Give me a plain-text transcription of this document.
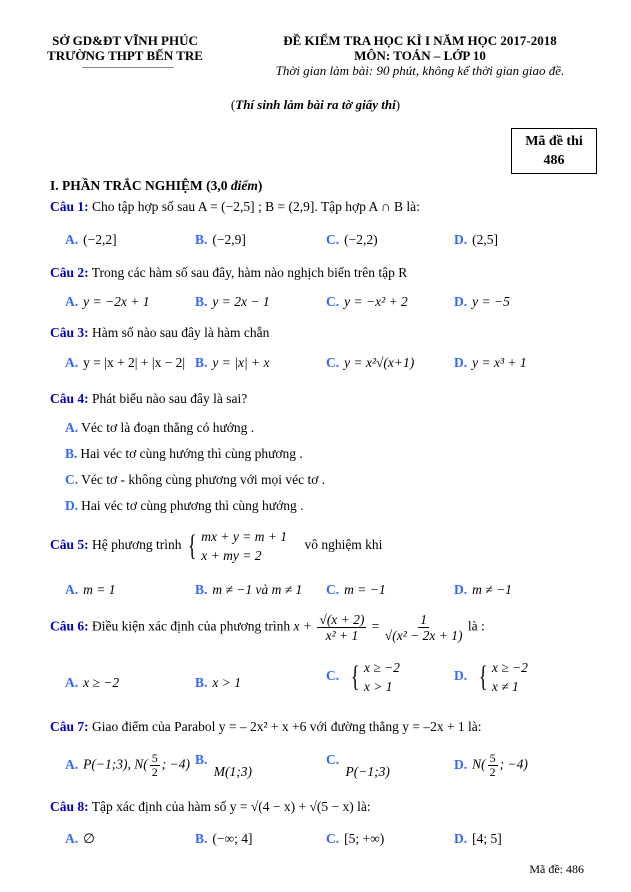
SỞ GD&ĐT VĨNH PHÚC
TRƯỜNG THPT BẾN TRE
ĐỀ KIỂM TRA HỌC KÌ I NĂM HỌC 2017-2018
MÔN: TOÁN – LỚP 10
Thời gian làm bài: 90 phút, không kể thời gian giao đề.
(Thí sinh làm bài ra tờ giấy thi)
Mã đề thi
486
I. PHẦN TRẮC NGHIỆM (3,0 điểm)
Câu 1: Cho tập hợp số sau A = (−2,5] ; B = (2,9]. Tập hợp A ∩ B là:
A. (−2,2]	B. (−2,9]	C. (−2,2)	D. (2,5]
Câu 2: Trong các hàm số sau đây, hàm nào nghịch biến trên tập R
A. y = −2x + 1	B. y = 2x − 1	C. y = −x² + 2	D. y = −5
Câu 3: Hàm số nào sau đây là hàm chẵn
A. y = |x + 2| + |x − 2| B. y = |x| + x	C. y = x²√(x+1)	D. y = x³ + 1
Câu 4: Phát biểu nào sau đây là sai?
A. Véc tơ là đoạn thẳng có hướng .
B. Hai véc tơ cùng hướng thì cùng phương .
C. Véc tơ - không cùng phương với mọi véc tơ .
D. Hai véc tơ cùng phương thì cùng hướng .
Câu 5: Hệ phương trình { mx + y = m + 1
x + my = 2
vô nghiệm khi
A. m = 1	B. m ≠ −1 và m ≠ 1 C. m = −1	D. m ≠ −1
Câu 6: Điều kiện xác định của phương trình $x + \frac{√(x + 2)}{\text{x² + 1}} = \frac{1}{\text{√(x² − 2x + 1)}}$ là :
A. x ≥ −2	B. x > 1	C. { x ≥ −2
x > 1
D. { x ≥ −2
x ≠ 1
Câu 7: Giao điểm của Parabol y = – 2x² + x +6 với đường thẳng y = –2x + 1 là:
A. P(−1;3), $N( \frac{5}{2}$ ; −4) B. M(1;3)
C. P(−1;3)	D. $N( \frac{5}{2}$ ; −4)
Câu 8: Tập xác định của hàm số y = √(4 − x) + √(5 − x) là:
A. ∅	B. (−∞; 4]	C. [5; +∞)	D. [4; 5]
Mã đề: 486
